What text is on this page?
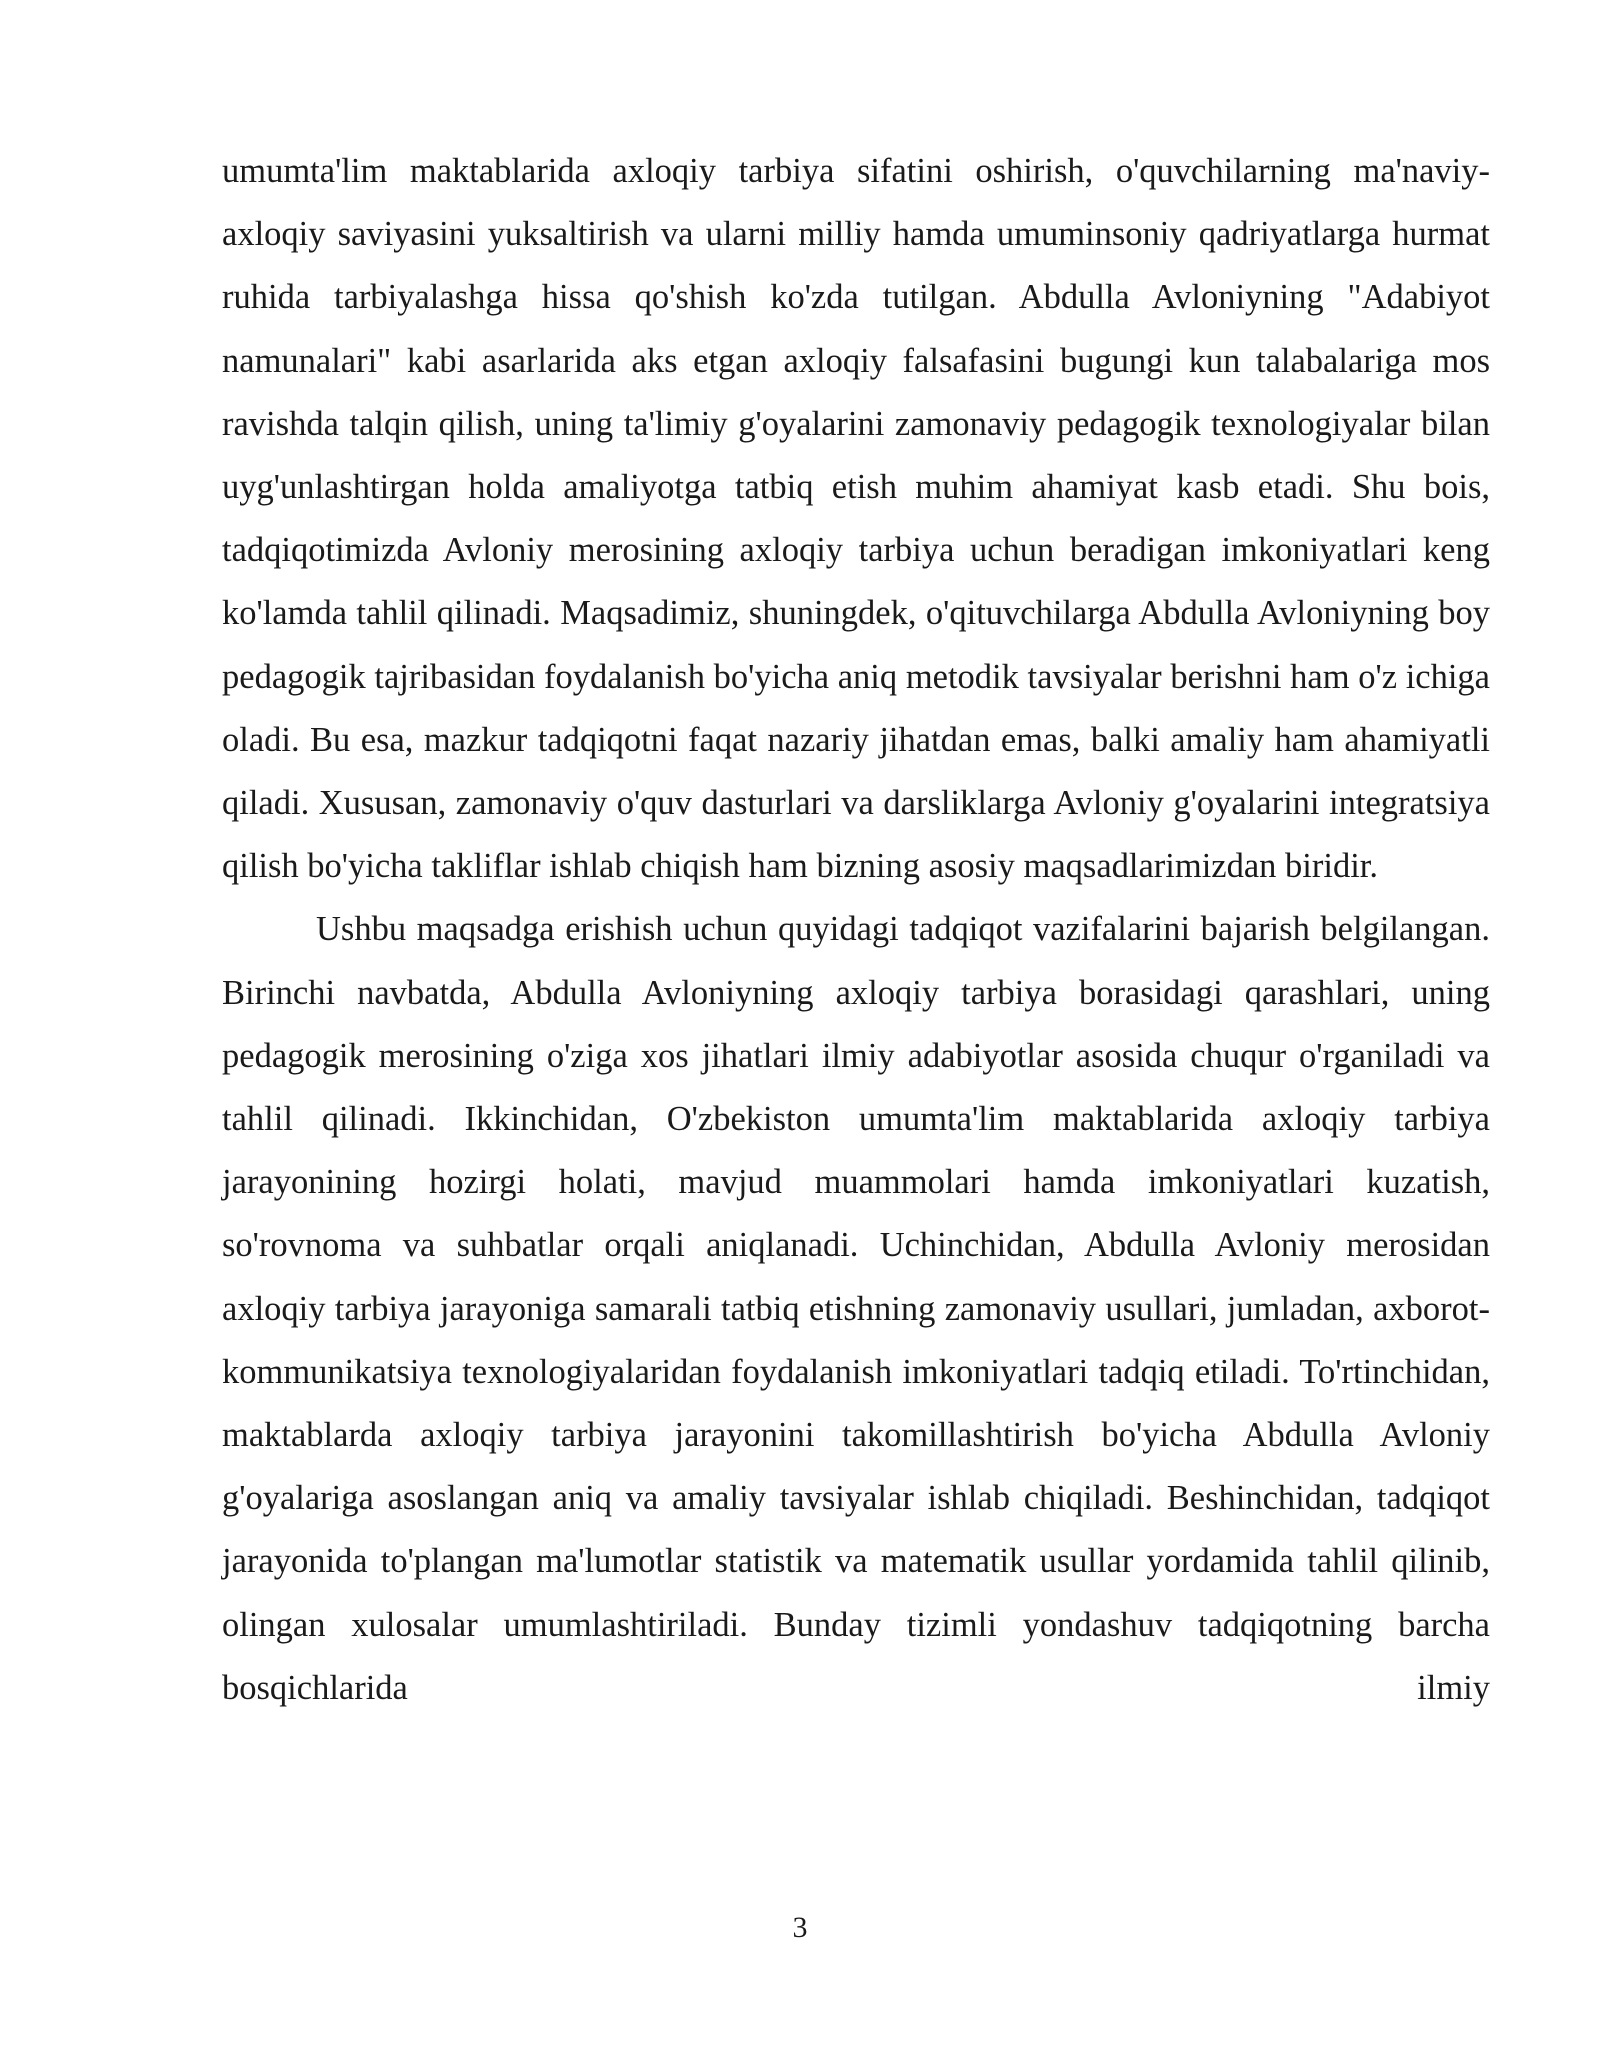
umumta'lim maktablarida axloqiy tarbiya sifatini oshirish, o'quvchilarning ma'naviy-axloqiy saviyasini yuksaltirish va ularni milliy hamda umuminsoniy qadriyatlarga hurmat ruhida tarbiyalashga hissa qo'shish ko'zda tutilgan. Abdulla Avloniyning "Adabiyot namunalari" kabi asarlarida aks etgan axloqiy falsafasini bugungi kun talabalariga mos ravishda talqin qilish, uning ta'limiy g'oyalarini zamonaviy pedagogik texnologiyalar bilan uyg'unlashtirgan holda amaliyotga tatbiq etish muhim ahamiyat kasb etadi. Shu bois, tadqiqotimizda Avloniy merosining axloqiy tarbiya uchun beradigan imkoniyatlari keng ko'lamda tahlil qilinadi. Maqsadimiz, shuningdek, o'qituvchilarga Abdulla Avloniyning boy pedagogik tajribasidan foydalanish bo'yicha aniq metodik tavsiyalar berishni ham o'z ichiga oladi. Bu esa, mazkur tadqiqotni faqat nazariy jihatdan emas, balki amaliy ham ahamiyatli qiladi. Xususan, zamonaviy o'quv dasturlari va darsliklarga Avloniy g'oyalarini integratsiya qilish bo'yicha takliflar ishlab chiqish ham bizning asosiy maqsadlarimizdan biridir.

Ushbu maqsadga erishish uchun quyidagi tadqiqot vazifalarini bajarish belgilangan. Birinchi navbatda, Abdulla Avloniyning axloqiy tarbiya borasidagi qarashlari, uning pedagogik merosining o'ziga xos jihatlari ilmiy adabiyotlar asosida chuqur o'rganiladi va tahlil qilinadi. Ikkinchidan, O'zbekiston umumta'lim maktablarida axloqiy tarbiya jarayonining hozirgi holati, mavjud muammolari hamda imkoniyatlari kuzatish, so'rovnoma va suhbatlar orqali aniqlanadi. Uchinchidan, Abdulla Avloniy merosidan axloqiy tarbiya jarayoniga samarali tatbiq etishning zamonaviy usullari, jumladan, axborot-kommunikatsiya texnologiyalaridan foydalanish imkoniyatlari tadqiq etiladi. To'rtinchidan, maktablarda axloqiy tarbiya jarayonini takomillashtirish bo'yicha Abdulla Avloniy g'oyalariga asoslangan aniq va amaliy tavsiyalar ishlab chiqiladi. Beshinchidan, tadqiqot jarayonida to'plangan ma'lumotlar statistik va matematik usullar yordamida tahlil qilinib, olingan xulosalar umumlashtiriladi. Bunday tizimli yondashuv tadqiqotning barcha bosqichlarida ilmiy

3
